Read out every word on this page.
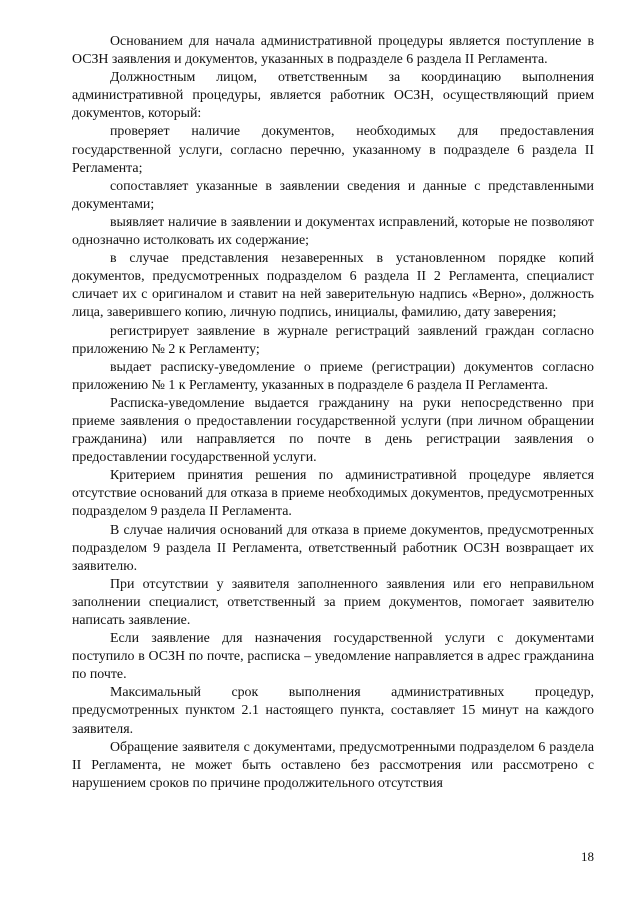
Основанием для начала административной процедуры является поступление в ОСЗН заявления и документов, указанных в подразделе 6 раздела II Регламента.

Должностным лицом, ответственным за координацию выполнения административной процедуры, является работник ОСЗН, осуществляющий прием документов, который:

проверяет наличие документов, необходимых для предоставления государственной услуги, согласно перечню, указанному в подразделе 6 раздела II Регламента;

сопоставляет указанные в заявлении сведения и данные с представленными документами;

выявляет наличие в заявлении и документах исправлений, которые не позволяют однозначно истолковать их содержание;

в случае представления незаверенных в установленном порядке копий документов, предусмотренных подразделом 6 раздела II 2 Регламента, специалист сличает их с оригиналом и ставит на ней заверительную надпись «Верно», должность лица, заверившего копию, личную подпись, инициалы, фамилию, дату заверения;

регистрирует заявление в журнале регистраций заявлений граждан согласно приложению № 2 к Регламенту;

выдает расписку-уведомление о приеме (регистрации) документов согласно приложению № 1 к Регламенту, указанных в подразделе 6 раздела II Регламента.

Расписка-уведомление выдается гражданину на руки непосредственно при приеме заявления о предоставлении государственной услуги (при личном обращении гражданина) или направляется по почте в день регистрации заявления о предоставлении государственной услуги.

Критерием принятия решения по административной процедуре является отсутствие оснований для отказа в приеме необходимых документов, предусмотренных подразделом 9 раздела II Регламента.

В случае наличия оснований для отказа в приеме документов, предусмотренных подразделом 9 раздела II Регламента, ответственный работник ОСЗН возвращает их заявителю.

При отсутствии у заявителя заполненного заявления или его неправильном заполнении специалист, ответственный за прием документов, помогает заявителю написать заявление.

Если заявление для назначения государственной услуги с документами поступило в ОСЗН по почте, расписка – уведомление направляется в адрес гражданина по почте.

Максимальный срок выполнения административных процедур, предусмотренных пунктом 2.1 настоящего пункта, составляет 15 минут на каждого заявителя.

Обращение заявителя с документами, предусмотренными подразделом 6 раздела II Регламента, не может быть оставлено без рассмотрения или рассмотрено с нарушением сроков по причине продолжительного отсутствия

18
